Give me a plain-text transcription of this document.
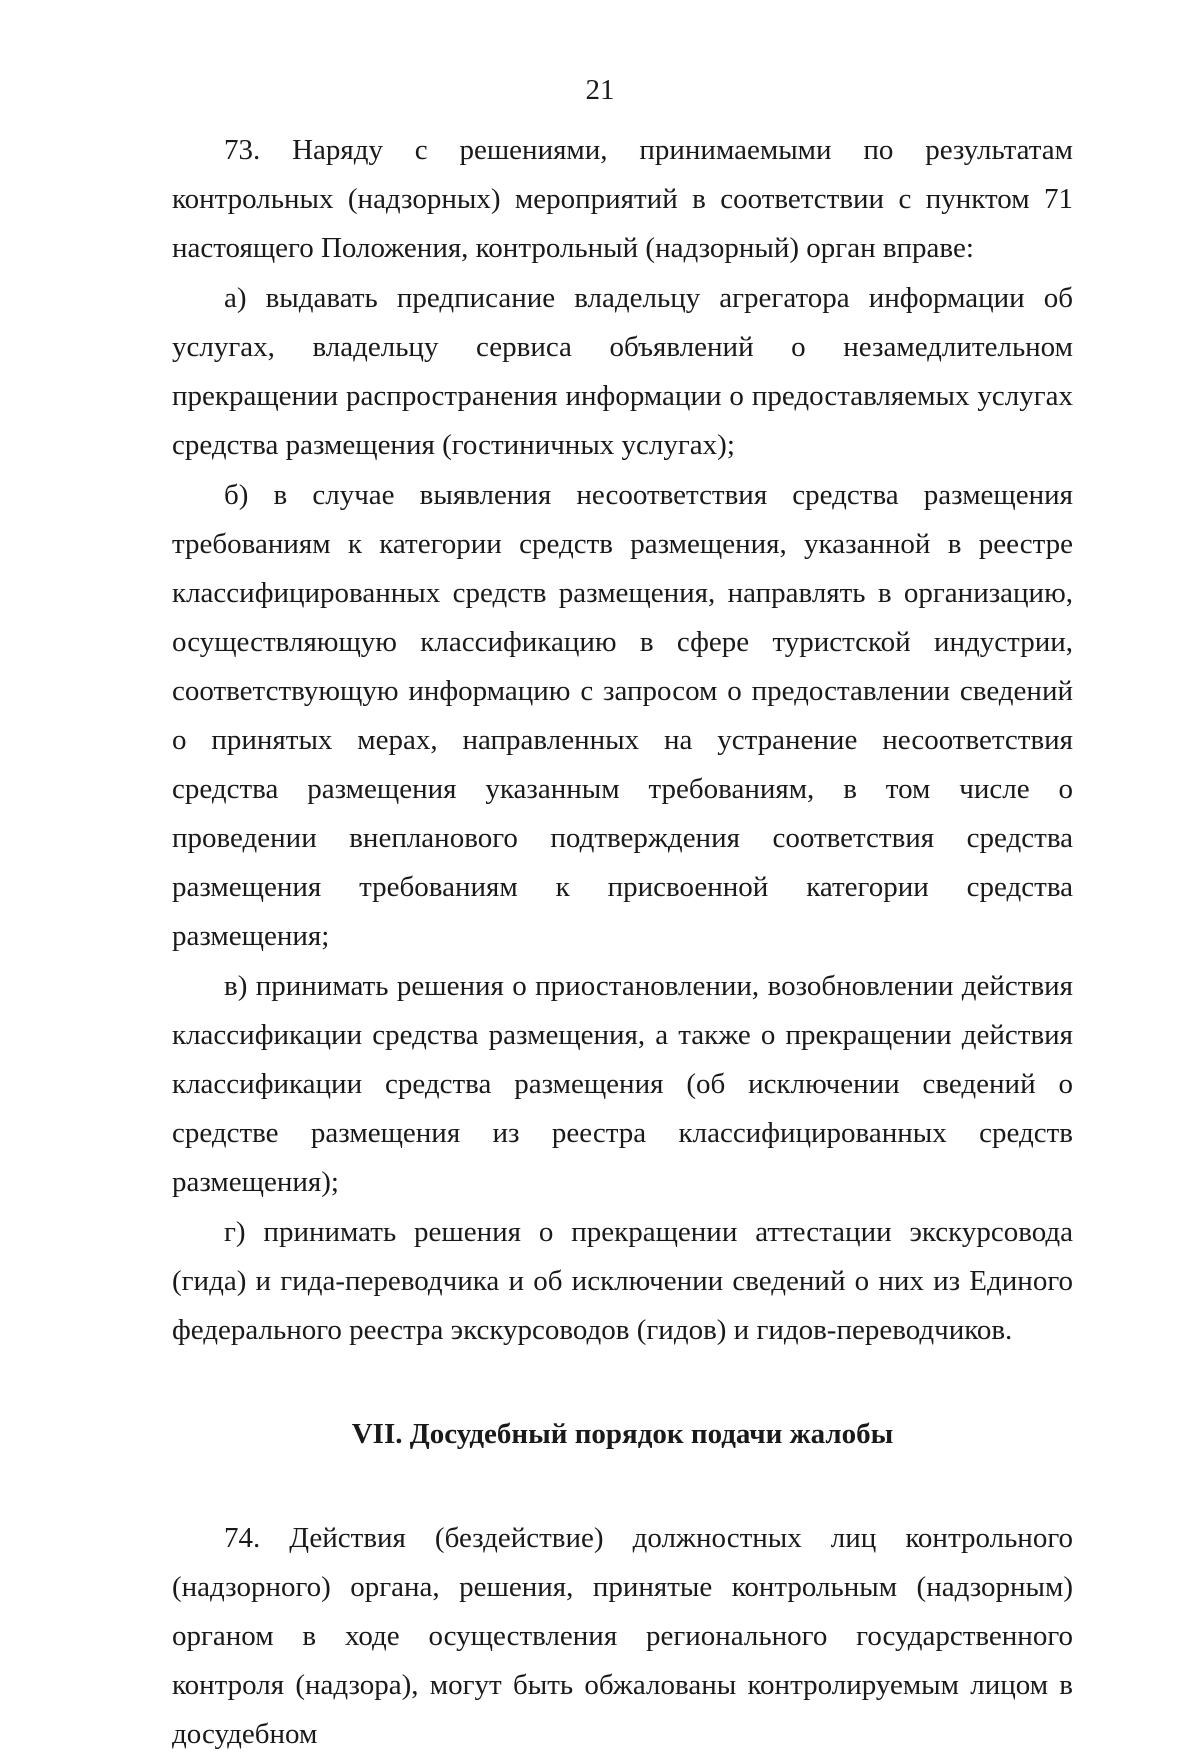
21

73. Наряду с решениями, принимаемыми по результатам контрольных (надзорных) мероприятий в соответствии с пунктом 71 настоящего Положения, контрольный (надзорный) орган вправе:

а) выдавать предписание владельцу агрегатора информации об услугах, владельцу сервиса объявлений о незамедлительном прекращении распространения информации о предоставляемых услугах средства размещения (гостиничных услугах);

б) в случае выявления несоответствия средства размещения требованиям к категории средств размещения, указанной в реестре классифицированных средств размещения, направлять в организацию, осуществляющую классификацию в сфере туристской индустрии, соответствующую информацию с запросом о предоставлении сведений о принятых мерах, направленных на устранение несоответствия средства размещения указанным требованиям, в том числе о проведении внепланового подтверждения соответствия средства размещения требованиям к присвоенной категории средства размещения;

в) принимать решения о приостановлении, возобновлении действия классификации средства размещения, а также о прекращении действия классификации средства размещения (об исключении сведений о средстве размещения из реестра классифицированных средств размещения);

г) принимать решения о прекращении аттестации экскурсовода (гида) и гида-переводчика и об исключении сведений о них из Единого федерального реестра экскурсоводов (гидов) и гидов-переводчиков.

VII. Досудебный порядок подачи жалобы

74. Действия (бездействие) должностных лиц контрольного (надзорного) органа, решения, принятые контрольным (надзорным) органом в ходе осуществления регионального государственного контроля (надзора), могут быть обжалованы контролируемым лицом в досудебном
